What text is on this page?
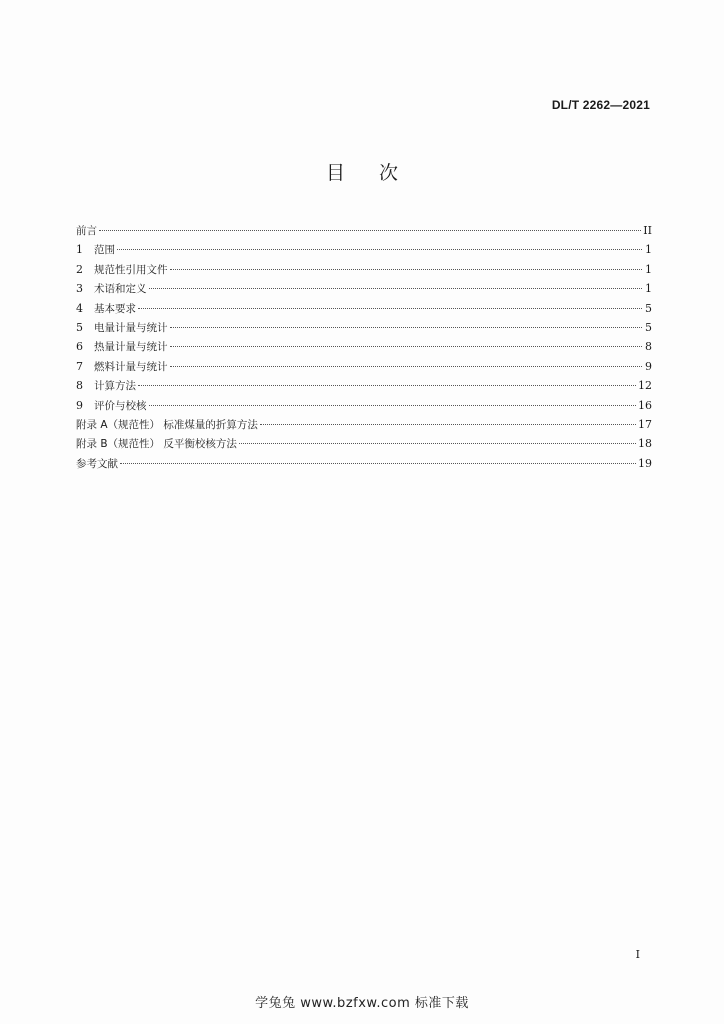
DL/T 2262—2021
目次
前言	II
1	范围	1
2	规范性引用文件	1
3	术语和定义	1
4	基本要求	5
5	电量计量与统计	5
6	热量计量与统计	8
7	燃料计量与统计	9
8	计算方法	12
9	评价与校核	16
附录 A（规范性） 标准煤量的折算方法	17
附录 B（规范性） 反平衡校核方法	18
参考文献	19
I
学兔兔 www.bzfxw.com 标准下载
